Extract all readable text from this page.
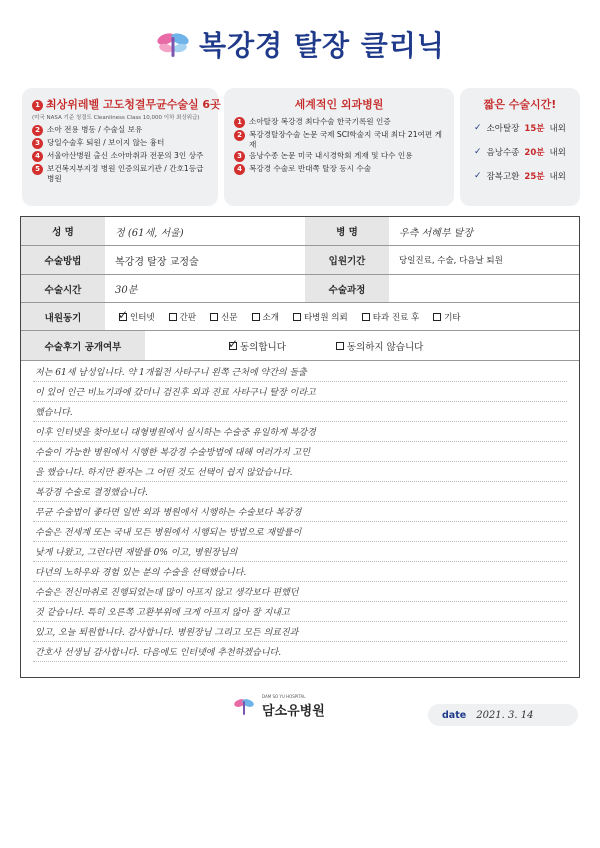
복강경 탈장 클리닉
1 최상위레벨 고도청결무균수술실 6곳
(미국 NASA 기준 청결도 Cleanliness Class 10,000 이하 최상위급)
2 소아 전용 병동 / 수술실 보유
3 당일수술후 퇴원 / 보이지 않는 흉터
4 서울아산병원 출신 소아마취과 전문의 3인 상주
5 보건복지부지정 병원 인증의료기관 / 간호1등급 병원
세계적인 외과병원
1 소아탈장 복강경 최다수술 한국기록원 인증
2 복강경탈장수술 논문 국제 SCI학술지 국내 최다 21여편 게재
3 음낭수종 논문 미국 내시경학회 게재 및 다수 인용
4 복강경 수술로 반대쪽 탈장 동시 수술
짧은 수술시간!
✓ 소아탈장 15분 내외
✓ 음낭수종 20분 내외
✓ 잠복고환 25분 내외
성 명	정 (61세, 서울)	병 명	우측 서혜부 탈장
수술방법	복강경 탈장 교정술	입원기간	당일진료, 수술, 다음날 퇴원
수술시간	30분	수술과정
내원동기 ✓	인터넷	간판	신문	소개	타병원 의뢰	타과 진료 후	기타
수술후기 공개여부 ✓	동의합니다	동의하지 않습니다
저는 61세 남성입니다. 약 1개월전 사타구니 왼쪽 근처에 약간의 돌출
이 있어 인근 비뇨기과에 갔더니 검진후 외과 진료 사타구니 탈장 이라고
했습니다.
이후 인터넷을 찾아보니 대형병원에서 실시하는 수술중 유일하게 복강경
수술이 가능한 병원에서 시행한 복강경 수술방법에 대해 여러가지 고민
을 했습니다. 하지만 환자는 그 어떤 것도 선택이 쉽지 않았습니다.
복강경 수술로 결정했습니다.
무균 수술법이 좋다면 일반 외과 병원에서 시행하는 수술보다 복강경
수술은 전세계 또는 국내 모든 병원에서 시행되는 방법으로 재발률이
낮게 나왔고, 그런다면 재발률 0% 이고, 병원장님의
다년의 노하우와 경험 있는 분의 수술을 선택했습니다.
수술은 전신마취로 진행되었는데 많이 아프지 않고 생각보다 편했던
것 같습니다. 특히 오른쪽 고환부위에 크게 아프지 않아 잘 지내고
있고, 오늘 퇴원합니다. 감사합니다. 병원장님 그리고 모든 의료진과
간호사 선생님 감사합니다. 다음에도 인터넷에 추천하겠습니다.
DAM SO YU HOSPITAL
담소유병원	date 2021. 3. 14
